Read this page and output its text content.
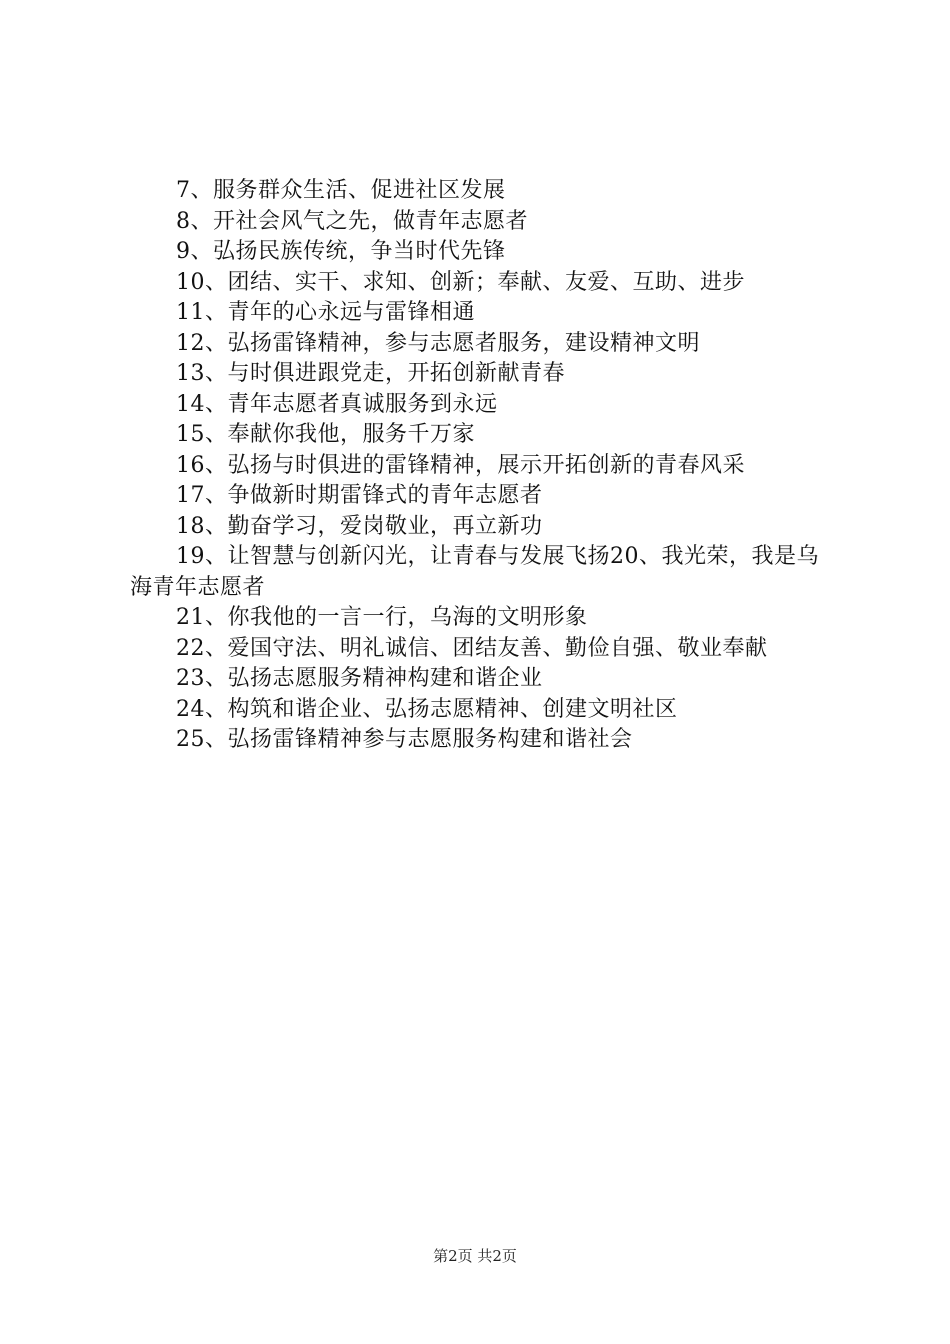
7、服务群众生活、促进社区发展

8、开社会风气之先，做青年志愿者

9、弘扬民族传统，争当时代先锋

10、团结、实干、求知、创新；奉献、友爱、互助、进步

11、青年的心永远与雷锋相通

12、弘扬雷锋精神，参与志愿者服务，建设精神文明

13、与时俱进跟党走，开拓创新献青春

14、青年志愿者真诚服务到永远

15、奉献你我他，服务千万家

16、弘扬与时俱进的雷锋精神，展示开拓创新的青春风采

17、争做新时期雷锋式的青年志愿者

18、勤奋学习，爱岗敬业，再立新功

19、让智慧与创新闪光，让青春与发展飞扬20、我光荣，我是乌海青年志愿者

21、你我他的一言一行，乌海的文明形象

22、爱国守法、明礼诚信、团结友善、勤俭自强、敬业奉献

23、弘扬志愿服务精神构建和谐企业

24、构筑和谐企业、弘扬志愿精神、创建文明社区

25、弘扬雷锋精神参与志愿服务构建和谐社会

第2页 共2页
